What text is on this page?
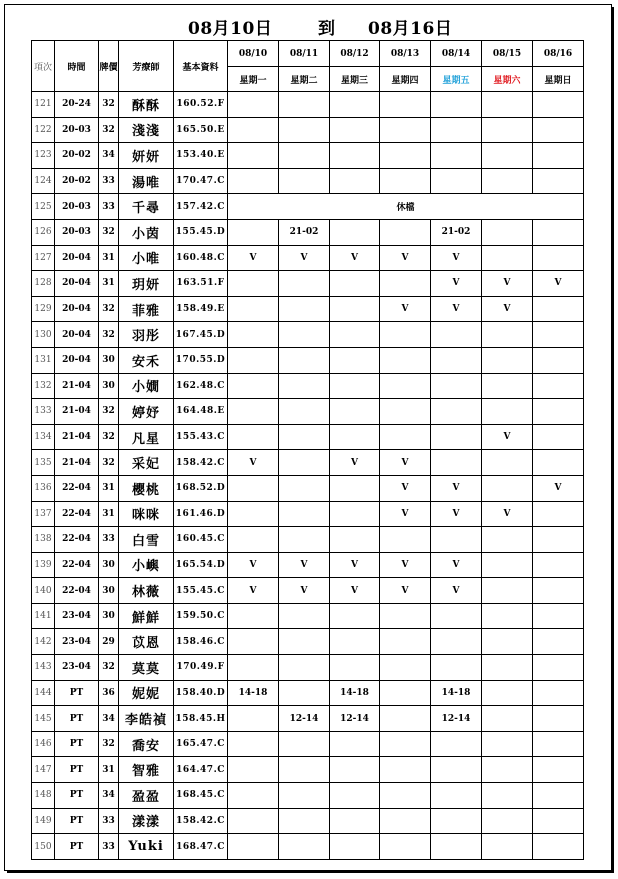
08月10日	到 08月16日
項次	時間	牌價	芳療師	基本資料	08/10	08/11	08/12	08/13	08/14	08/15	08/16
					星期一	星期二	星期三	星期四	星期五	星期六	星期日
121	20-24	32	酥酥	160.52.F							
122	20-03	32	淺淺	165.50.E							
123	20-02	34	妍妍	153.40.E							
124	20-02	33	湯唯	170.47.C							
125	20-03	33	千尋	157.42.C	休檔						
126	20-03	32	小茵	155.45.D		21-02			21-02		
127	20-04	31	小唯	160.48.C	V	V	V	V	V		
128	20-04	31	玥妍	163.51.F					V	V	V
129	20-04	32	菲雅	158.49.E				V	V	V	
130	20-04	32	羽彤	167.45.D							
131	20-04	30	安禾	170.55.D							
132	21-04	30	小嫺	162.48.C							
133	21-04	32	婷妤	164.48.E							
134	21-04	32	凡星	155.43.C						V	
135	21-04	32	采妃	158.42.C	V		V	V			
136	22-04	31	櫻桃	168.52.D				V	V		V
137	22-04	31	咪咪	161.46.D				V	V	V	
138	22-04	33	白雪	160.45.C							
139	22-04	30	小嶼	165.54.D	V	V	V	V	V		
140	22-04	30	林薇	155.45.C	V	V	V	V	V		
141	23-04	30	鮮鮮	159.50.C							
142	23-04	29	苡恩	158.46.C							
143	23-04	32	莫莫	170.49.F							
144	PT	36	妮妮	158.40.D	14-18		14-18		14-18		
145	PT	34	李皓禎	158.45.H		12-14	12-14		12-14		
146	PT	32	喬安	165.47.C							
147	PT	31	智雅	164.47.C							
148	PT	34	盈盈	168.45.C							
149	PT	33	漾漾	158.42.C							
150	PT	33	Yuki	168.47.C							
